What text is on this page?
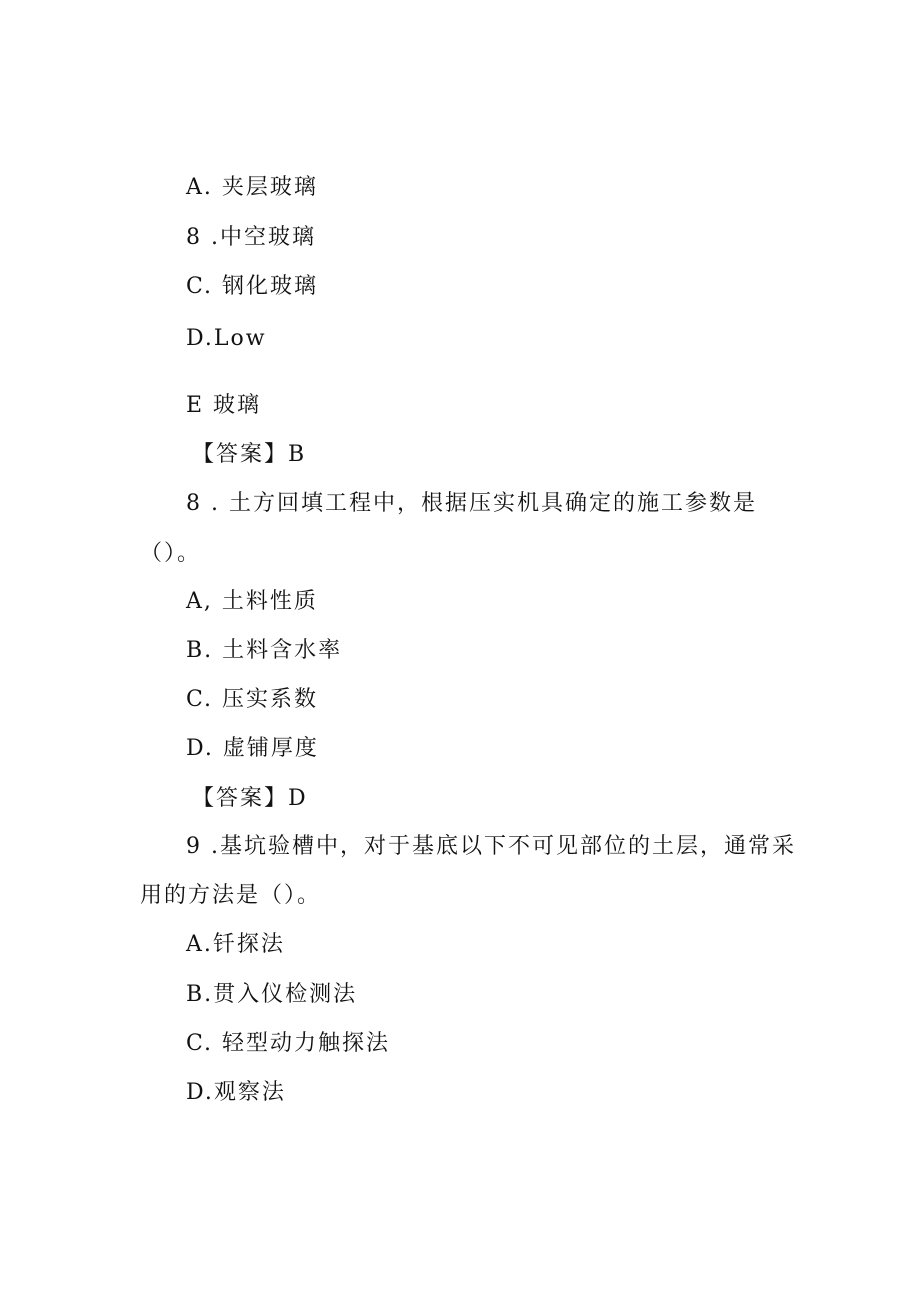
A. 夹层玻璃
8 .中空玻璃
C. 钢化玻璃
D.Low
E 玻璃
【答案】B
8 . 土方回填工程中，根据压实机具确定的施工参数是
（）。
A, 土料性质
B. 土料含水率
C. 压实系数
D. 虚铺厚度
【答案】D
9 .基坑验槽中，对于基底以下不可见部位的土层，通常采
用的方法是（）。
A.钎探法
B.贯入仪检测法
C. 轻型动力触探法
D.观察法
